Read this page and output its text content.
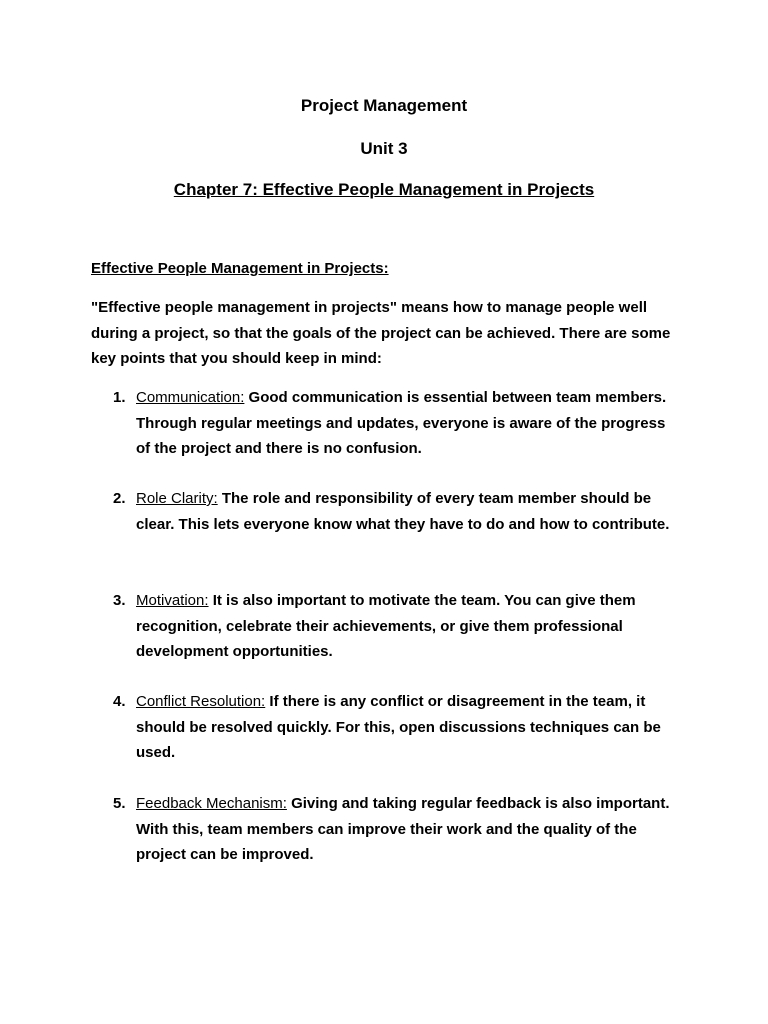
Project Management
Unit 3
Chapter 7: Effective People Management in Projects
Effective People Management in Projects:

"Effective people management in projects" means how to manage people well during a project, so that the goals of the project can be achieved. There are some key points that you should keep in mind:

1. Communication: Good communication is essential between team members. Through regular meetings and updates, everyone is aware of the progress of the project and there is no confusion.
2. Role Clarity: The role and responsibility of every team member should be clear. This lets everyone know what they have to do and how to contribute.
3. Motivation: It is also important to motivate the team. You can give them recognition, celebrate their achievements, or give them professional development opportunities.
4. Conflict Resolution: If there is any conflict or disagreement in the team, it should be resolved quickly. For this, open discussions techniques can be used.
5. Feedback Mechanism: Giving and taking regular feedback is also important. With this, team members can improve their work and the quality of the project can be improved.
